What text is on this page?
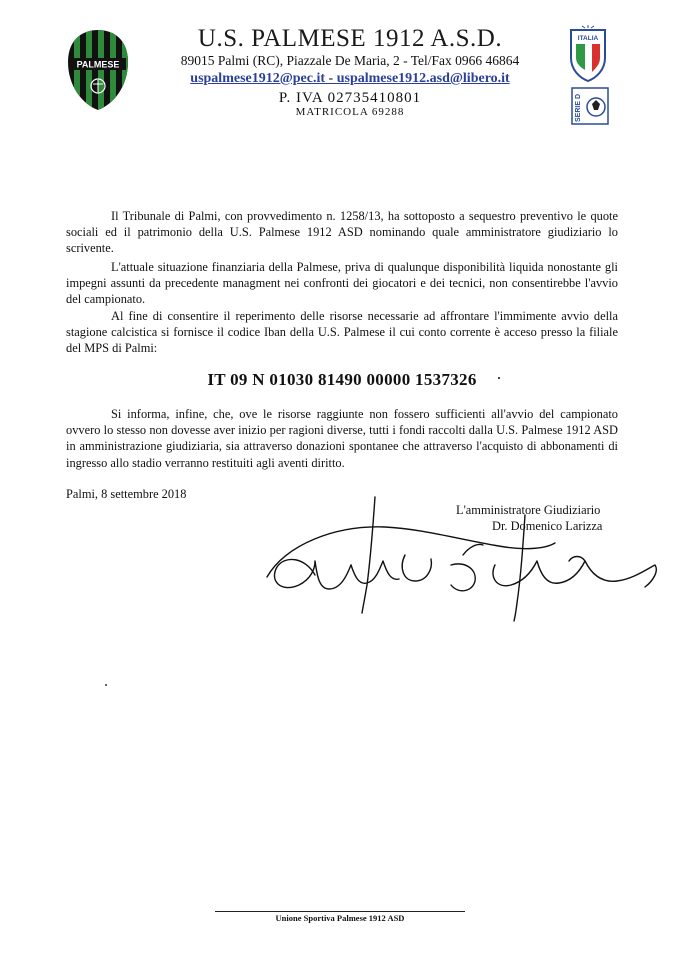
PALMESE
U.S. PALMESE 1912 A.S.D.
89015 Palmi (RC), Piazzale De Maria, 2 - Tel/Fax 0966 46864
uspalmese1912@pec.it - uspalmese1912.asd@libero.it
P. IVA 02735410801
MATRICOLA 69288
ITALIA
SERIE D
Il Tribunale di Palmi, con provvedimento n. 1258/13, ha sottoposto a sequestro preventivo le quote sociali ed il patrimonio della U.S. Palmese 1912 ASD nominando quale amministratore giudiziario lo scrivente.
L'attuale situazione finanziaria della Palmese, priva di qualunque disponibilità liquida nonostante gli impegni assunti da precedente managment nei confronti dei giocatori e dei tecnici, non consentirebbe l'avvio del campionato.
Al fine di consentire il reperimento delle risorse necessarie ad affrontare l'immimente avvio della stagione calcistica si fornisce il codice Iban della U.S. Palmese il cui conto corrente è acceso presso la filiale del MPS di Palmi:
IT 09 N 01030 81490 00000 1537326
Si informa, infine, che, ove le risorse raggiunte non fossero sufficienti all'avvio del campionato ovvero lo stesso non dovesse aver inizio per ragioni diverse, tutti i fondi raccolti dalla U.S. Palmese 1912 ASD in amministrazione giudiziaria, sia attraverso donazioni spontanee che attraverso l'acquisto di abbonamenti di ingresso allo stadio verranno restituiti agli aventi diritto.
Palmi, 8 settembre 2018
L'amministratore Giudiziario
Dr. Domenico Larizza
Unione Sportiva Palmese 1912 ASD
